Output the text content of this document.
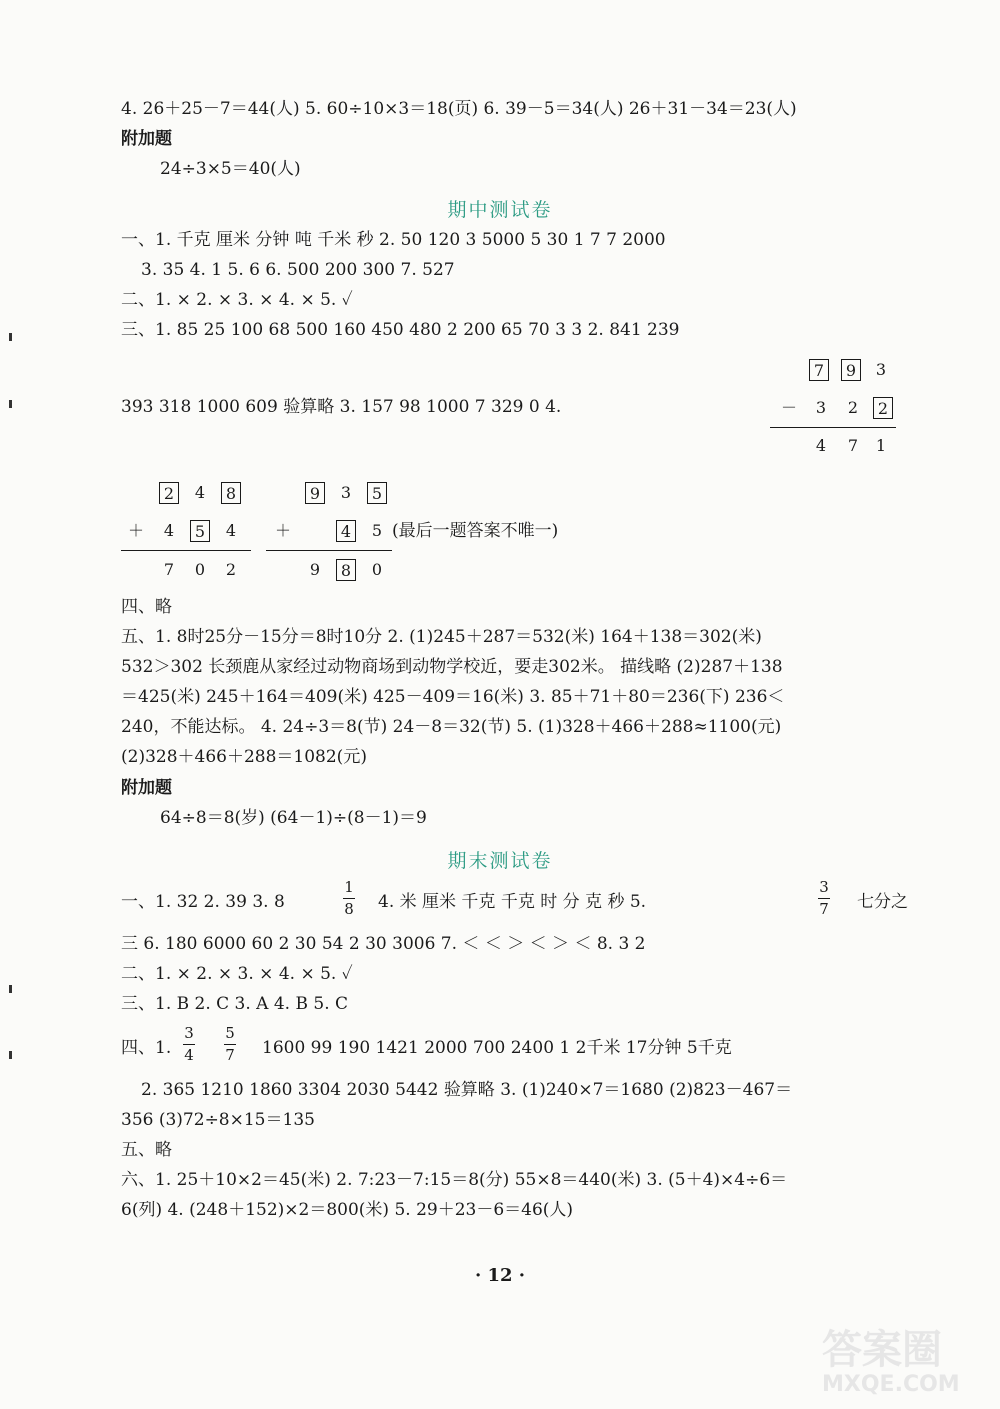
4. 26＋25－7＝44(人) 5. 60÷10×3＝18(页) 6. 39－5＝34(人) 26＋31－34＝23(人)
附加题
24÷3×5＝40(人)
期中测试卷
一、1. 千克 厘米 分钟 吨 千米 秒 2. 50 120 3 5000 5 30 1 7 7 2000
3. 35 4. 1 5. 6 6. 500 200 300 7. 527
二、1. × 2. × 3. × 4. × 5. ✓
三、1. 85 25 100 68 500 160 450 480 2 200 65 70 3 3 2. 841 239
393 318 1000 609 验算略 3. 157 98 1000 7 329 0 4.
7	9	3
－	3	2	2
4	7	1
2	4	8
＋	4	5	4
7	0	2
9	3	5
＋	4	5 (最后一题答案不唯一)
9	8	0
四、略
五、1. 8时25分－15分＝8时10分 2. (1)245＋287＝532(米) 164＋138＝302(米)
532＞302 长颈鹿从家经过动物商场到动物学校近，要走302米。 描线略 (2)287＋138
＝425(米) 245＋164＝409(米) 425－409＝16(米) 3. 85＋71＋80＝236(下) 236＜
240，不能达标。 4. 24÷3＝8(节) 24－8＝32(节) 5. (1)328＋466＋288≈1100(元)
(2)328＋466＋288＝1082(元)
附加题
64÷8＝8(岁) (64－1)÷(8－1)＝9
期末测试卷
一、1. 32 2. 39 3. 8
1
8 4. 米 厘米 千克 千克 时 分 克 秒 5.
3
7 七分之
三 6. 180 6000 60 2 30 54 2 30 3006 7. ＜ ＜ ＞ ＜ ＞ ＜ 8. 3 2
二、1. × 2. × 3. × 4. × 5. ✓
三、1. B 2. C 3. A 4. B 5. C
四、1.
3
4
5
7 1600 99 190 1421 2000 700 2400 1 2千米 17分钟 5千克
2. 365 1210 1860 3304 2030 5442 验算略 3. (1)240×7＝1680 (2)823－467＝
356 (3)72÷8×15＝135
五、略
六、1. 25＋10×2＝45(米) 2. 7:23－7:15＝8(分) 55×8＝440(米) 3. (5＋4)×4÷6＝
6(列) 4. (248＋152)×2＝800(米) 5. 29＋23－6＝46(人)
· 12 ·
答案圈
MXQE.COM
